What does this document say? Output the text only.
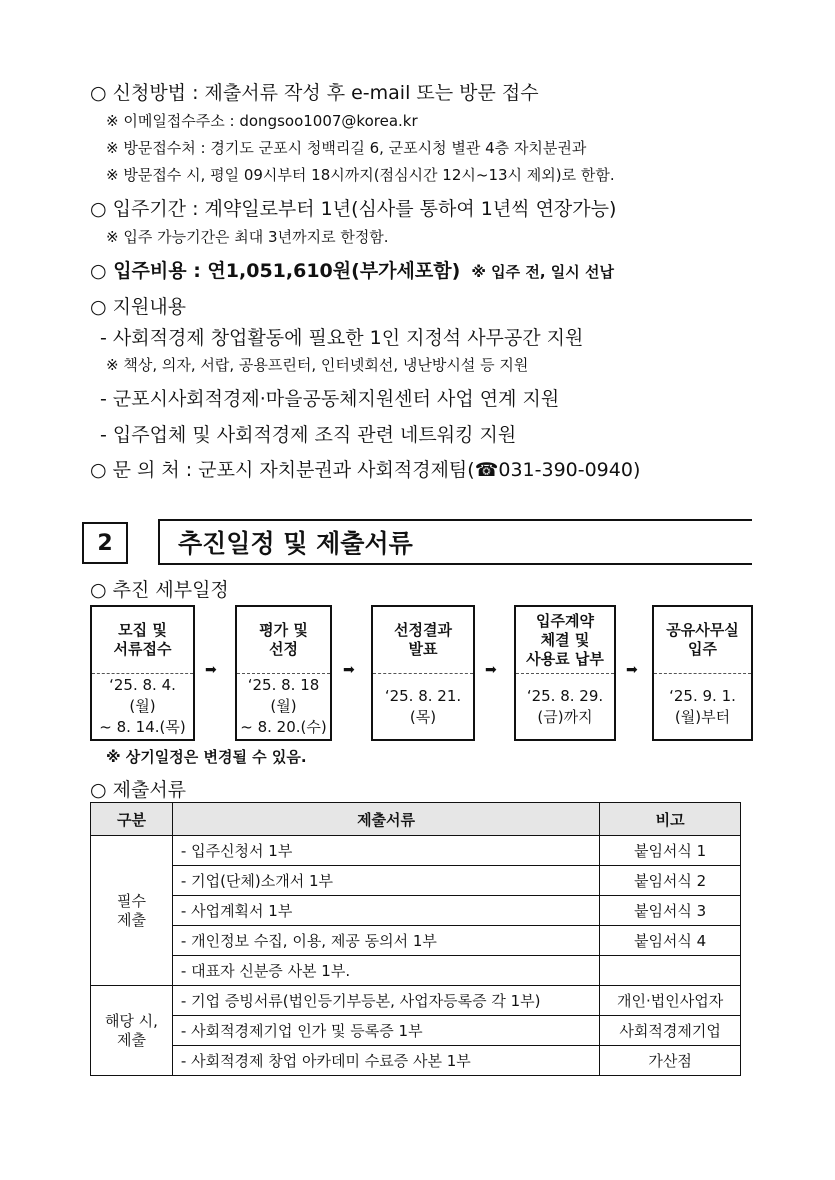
○ 신청방법 : 제출서류 작성 후 e-mail 또는 방문 접수
※ 이메일접수주소 : dongsoo1007@korea.kr
※ 방문접수처 : 경기도 군포시 청백리길 6, 군포시청 별관 4층 자치분권과
※ 방문접수 시, 평일 09시부터 18시까지(점심시간 12시~13시 제외)로 한함.
○ 입주기간 : 계약일로부터 1년(심사를 통하여 1년씩 연장가능)
※ 입주 가능기간은 최대 3년까지로 한정함.
○ 입주비용 : 연1,051,610원(부가세포함) ※ 입주 전, 일시 선납
○ 지원내용
- 사회적경제 창업활동에 필요한 1인 지정석 사무공간 지원
※ 책상, 의자, 서랍, 공용프린터, 인터넷회선, 냉난방시설 등 지원
- 군포시사회적경제·마을공동체지원센터 사업 연계 지원
- 입주업체 및 사회적경제 조직 관련 네트워킹 지원
○ 문 의 처 : 군포시 자치분권과 사회적경제팀(☎031-390-0940)
2	추진일정 및 제출서류
○ 추진 세부일정
모집 및
서류접수
‘25. 8. 4.
(월)
~ 8. 14.(목)
➡
평가 및
선정
‘25. 8. 18
(월)
~ 8. 20.(수)
➡
선정결과
발표
‘25. 8. 21.
(목)
➡
입주계약
체결 및
사용료 납부
‘25. 8. 29.
(금)까지
➡
공유사무실
입주
‘25. 9. 1.
(월)부터
※ 상기일정은 변경될 수 있음.
○ 제출서류
구분	제출서류	비고
필수
제출	- 입주신청서 1부	붙임서식 1
	- 기업(단체)소개서 1부	붙임서식 2
	- 사업계획서 1부	붙임서식 3
	- 개인정보 수집, 이용, 제공 동의서 1부	붙임서식 4
	- 대표자 신분증 사본 1부.	
해당 시,
제출	- 기업 증빙서류(법인등기부등본, 사업자등록증 각 1부)	개인·법인사업자
	- 사회적경제기업 인가 및 등록증 1부	사회적경제기업
	- 사회적경제 창업 아카데미 수료증 사본 1부	가산점
